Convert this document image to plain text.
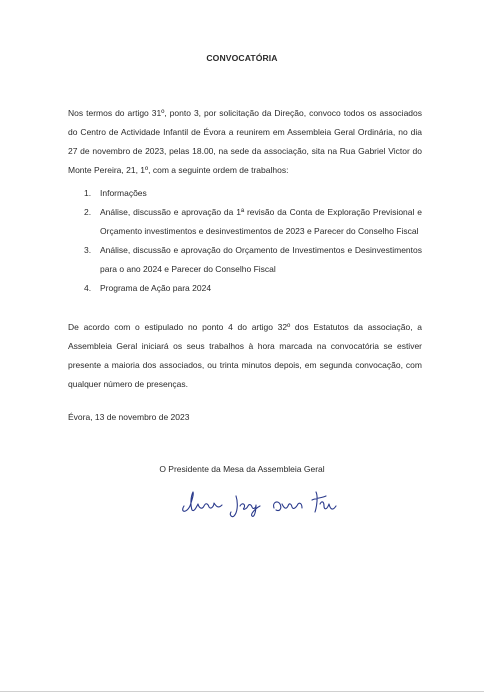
CONVOCATÓRIA

Nos termos do artigo 31º, ponto 3, por solicitação da Direção, convoco todos os associados do Centro de Actividade Infantil de Évora a reunirem em Assembleia Geral Ordinária, no dia 27 de novembro de 2023, pelas 18.00, na sede da associação, sita na Rua Gabriel Victor do Monte Pereira, 21, 1º, com a seguinte ordem de trabalhos:

1. Informações
2. Análise, discussão e aprovação da 1ª revisão da Conta de Exploração Previsional e Orçamento investimentos e desinvestimentos de 2023 e Parecer do Conselho Fiscal
3. Análise, discussão e aprovação do Orçamento de Investimentos e Desinvestimentos para o ano 2024 e Parecer do Conselho Fiscal
4. Programa de Ação para 2024

De acordo com o estipulado no ponto 4 do artigo 32º dos Estatutos da associação, a Assembleia Geral iniciará os seus trabalhos à hora marcada na convocatória se estiver presente a maioria dos associados, ou trinta minutos depois, em segunda convocação, com qualquer número de presenças.

Évora, 13 de novembro de 2023
O Presidente da Mesa da Assembleia Geral
